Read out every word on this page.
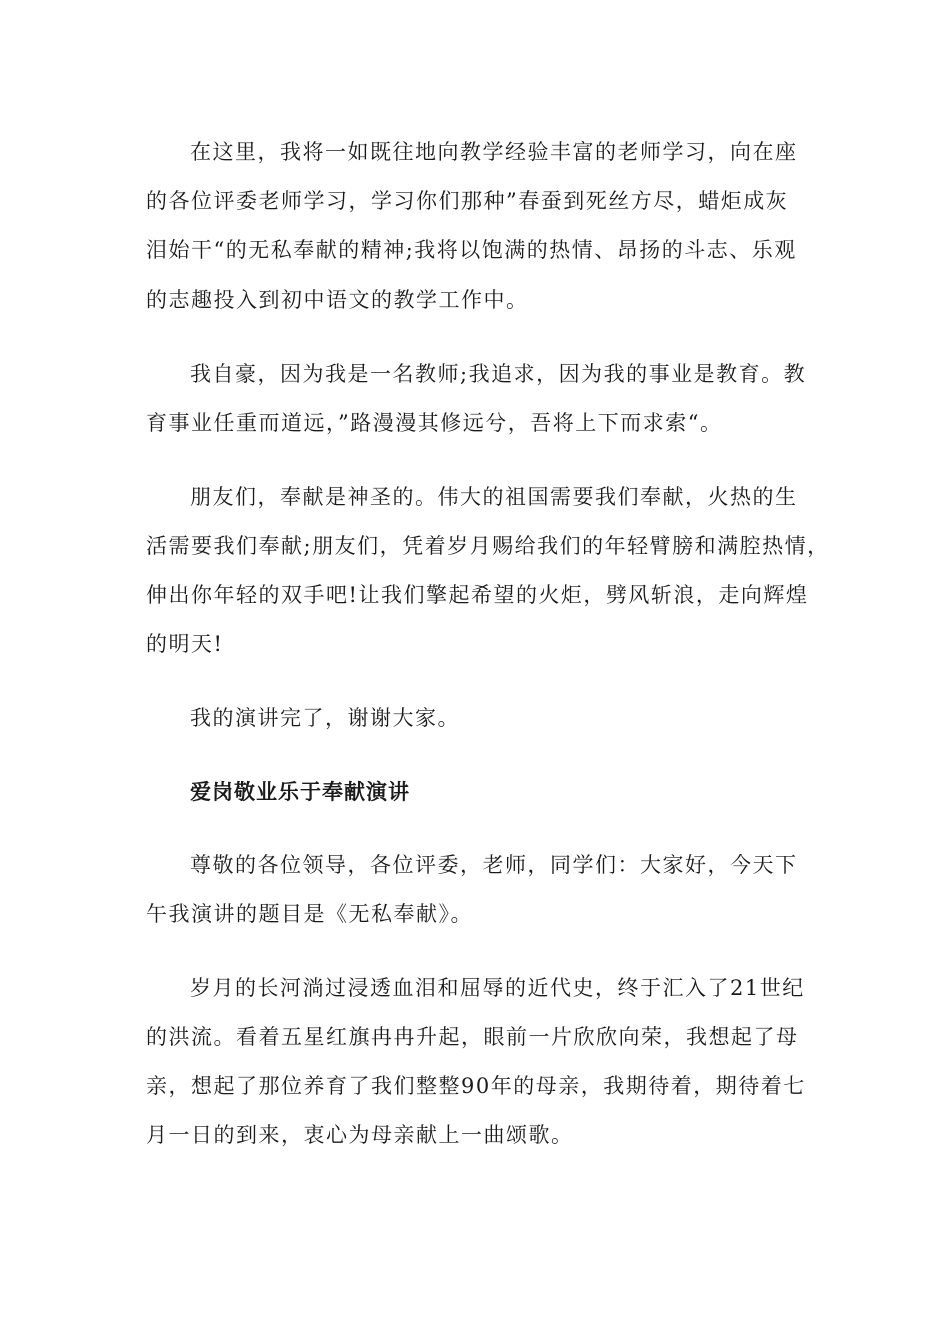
在这里，我将一如既往地向教学经验丰富的老师学习，向在座
的各位评委老师学习，学习你们那种”春蚕到死丝方尽，蜡炬成灰
泪始干“的无私奉献的精神;我将以饱满的热情、昂扬的斗志、乐观
的志趣投入到初中语文的教学工作中。
我自豪，因为我是一名教师;我追求，因为我的事业是教育。教
育事业任重而道远，”路漫漫其修远兮，吾将上下而求索“。
朋友们，奉献是神圣的。伟大的祖国需要我们奉献，火热的生
活需要我们奉献;朋友们，凭着岁月赐给我们的年轻臂膀和满腔热情，
伸出你年轻的双手吧!让我们擎起希望的火炬，劈风斩浪，走向辉煌
的明天!
我的演讲完了，谢谢大家。
爱岗敬业乐于奉献演讲
尊敬的各位领导，各位评委，老师，同学们：大家好，今天下
午我演讲的题目是《无私奉献》。
岁月的长河淌过浸透血泪和屈辱的近代史，终于汇入了21世纪
的洪流。看着五星红旗冉冉升起，眼前一片欣欣向荣，我想起了母
亲，想起了那位养育了我们整整90年的母亲，我期待着，期待着七
月一日的到来，衷心为母亲献上一曲颂歌。
